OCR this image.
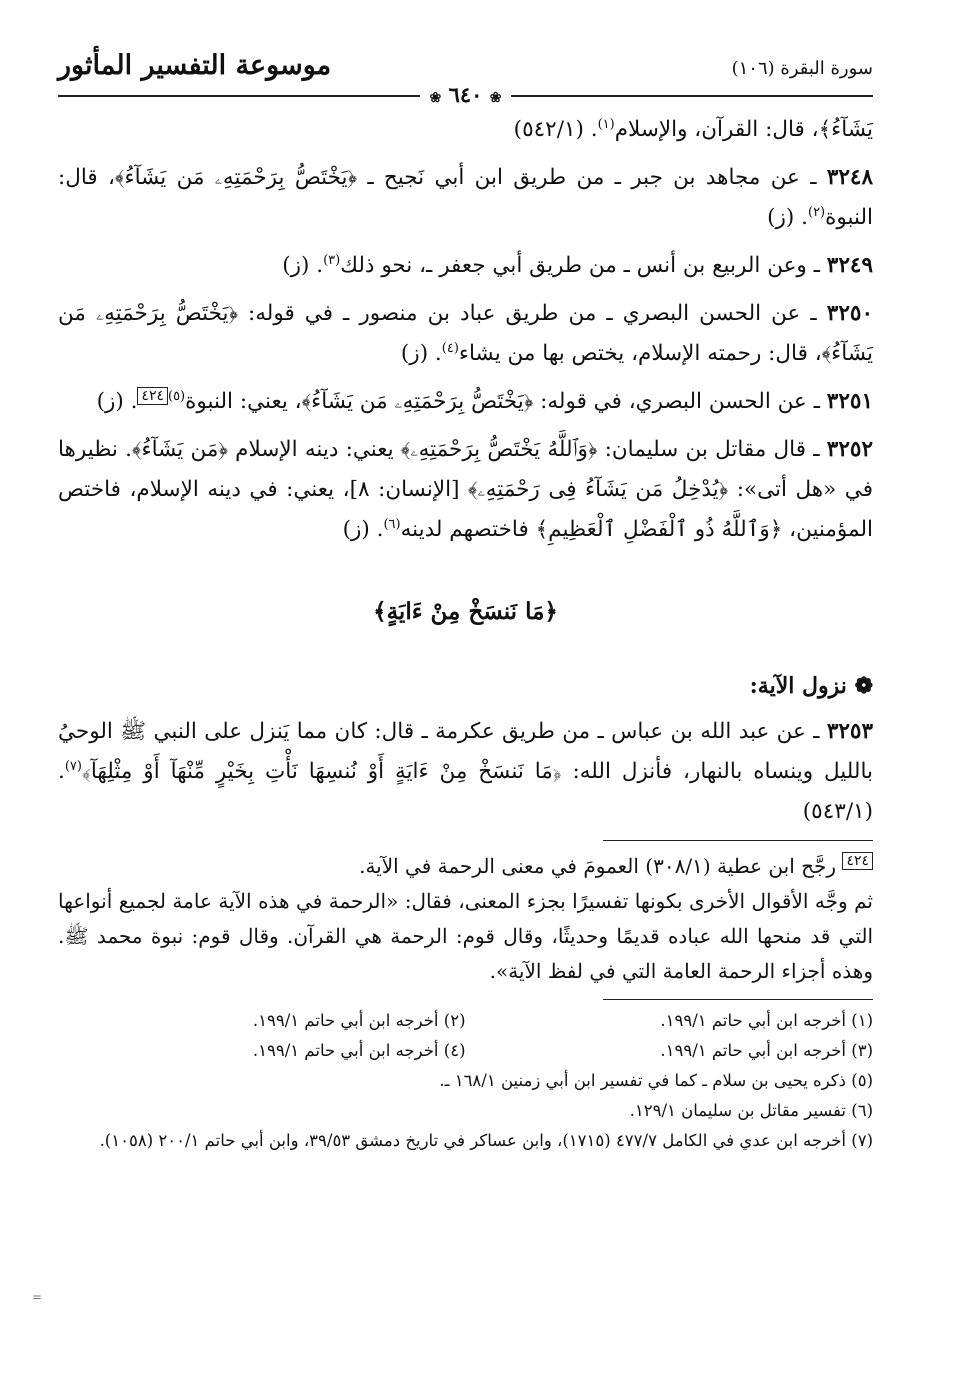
سورة البقرة (١٠٦)
موسوعة التفسير المأثور
❀ ٦٤٠ ❀

يَشَآءُ﴾، قال: القرآن، والإسلام$^{(١)}$. (٥٤٢/١)

٣٢٤٨ ـ عن مجاهد بن جبر ـ من طريق ابن أبي نَجيح ـ ﴿يَخْتَصُّ بِرَحْمَتِهِۦ مَن يَشَآءُ﴾، قال: النبوة$^{(٢)}$. (ز)

٣٢٤٩ ـ وعن الربيع بن أنس ـ من طريق أبي جعفر ـ، نحو ذلك$^{(٣)}$. (ز)

٣٢٥٠ ـ عن الحسن البصري ـ من طريق عباد بن منصور ـ في قوله: ﴿يَخْتَصُّ بِرَحْمَتِهِۦ مَن يَشَآءُ﴾، قال: رحمته الإسلام، يختص بها من يشاء$^{(٤)}$. (ز)

٣٢٥١ ـ عن الحسن البصري، في قوله: ﴿يَخْتَصُّ بِرَحْمَتِهِۦ مَن يَشَآءُ﴾، يعني: النبوة$^{(٥)}$٤٢٤. (ز)

٣٢٥٢ ـ قال مقاتل بن سليمان: ﴿وَٱللَّهُ يَخْتَصُّ بِرَحْمَتِهِۦ﴾ يعني: دينه الإسلام ﴿مَن يَشَآءُ﴾. نظيرها في «هل أتى»: ﴿يُدْخِلُ مَن يَشَآءُ فِى رَحْمَتِهِۦ﴾ [الإنسان: ٨]، يعني: في دينه الإسلام، فاختص المؤمنين، ﴿وَٱللَّهُ ذُو ٱلْفَضْلِ ٱلْعَظِيمِ﴾ فاختصهم لدينه$^{(٦)}$. (ز)

﴿مَا نَنسَخْ مِنْ ءَايَةٍ﴾
❁ نزول الآية:

٣٢٥٣ ـ عن عبد الله بن عباس ـ من طريق عكرمة ـ قال: كان مما يَنزل على النبي ﷺ الوحيُ بالليل وينساه بالنهار، فأنزل الله: ﴿مَا نَنسَخْ مِنْ ءَايَةٍ أَوْ نُنسِهَا نَأْتِ بِخَيْرٍ مِّنْهَآ أَوْ مِثْلِهَآ﴾$^{(٧)}$. (٥٤٣/١)

٤٢٤ رجَّح ابن عطية (٣٠٨/١) العمومَ في معنى الرحمة في الآية.
ثم وجَّه الأقوال الأخرى بكونها تفسيرًا بجزء المعنى، فقال: «الرحمة في هذه الآية عامة لجميع أنواعها التي قد منحها الله عباده قديمًا وحديثًا، وقال قوم: الرحمة هي القرآن. وقال قوم: نبوة محمد ﷺ. وهذه أجزاء الرحمة العامة التي في لفظ الآية».
(١) أخرجه ابن أبي حاتم ١٩٩/١.
(٢) أخرجه ابن أبي حاتم ١٩٩/١.
(٣) أخرجه ابن أبي حاتم ١٩٩/١.
(٤) أخرجه ابن أبي حاتم ١٩٩/١.
(٥) ذكره يحيى بن سلام ـ كما في تفسير ابن أبي زمنين ١٦٨/١ ـ.
(٦) تفسير مقاتل بن سليمان ١٢٩/١.
(٧) أخرجه ابن عدي في الكامل ٤٧٧/٧ (١٧١٥)، وابن عساكر في تاريخ دمشق ٣٩/٥٣، وابن أبي حاتم ٢٠٠/١ (١٠٥٨).
=
